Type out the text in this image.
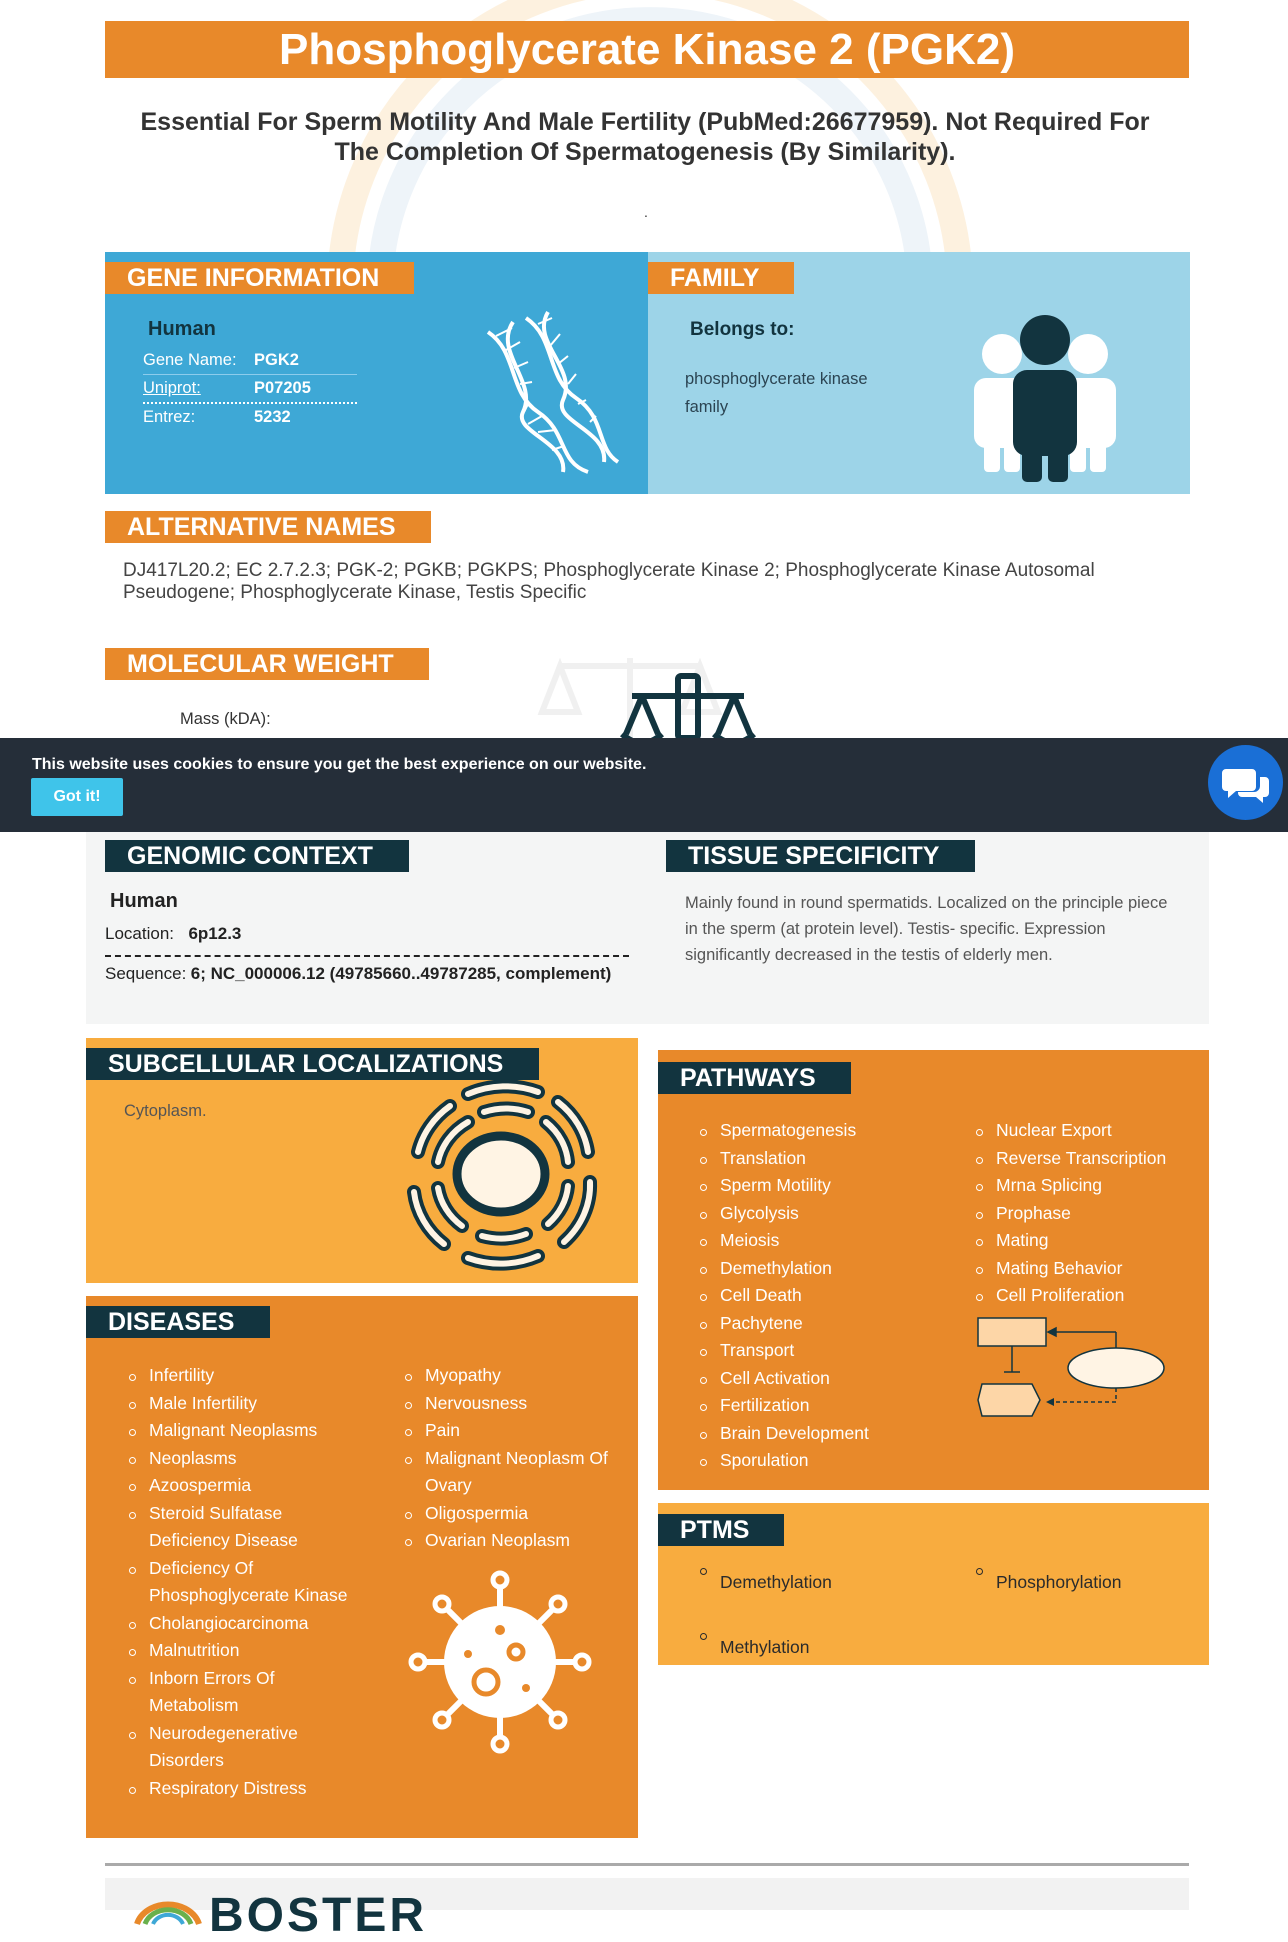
Phosphoglycerate Kinase 2 (PGK2)
Essential For Sperm Motility And Male Fertility (PubMed:26677959). Not Required For The Completion Of Spermatogenesis (By Similarity).
.
GENE INFORMATION
Human
Gene Name:	PGK2
Uniprot:	P07205
Entrez:	5232
FAMILY
Belongs to:
phosphoglycerate kinase family
ALTERNATIVE NAMES
DJ417L20.2; EC 2.7.2.3; PGK-2; PGKB; PGKPS; Phosphoglycerate Kinase 2; Phosphoglycerate Kinase Autosomal Pseudogene; Phosphoglycerate Kinase, Testis Specific
MOLECULAR WEIGHT
Mass (kDA):
This website uses cookies to ensure you get the best experience on our website.
Got it!
GENOMIC CONTEXT
Human
Location: 6p12.3
Sequence: 6; NC_000006.12 (49785660..49787285, complement)
TISSUE SPECIFICITY
Mainly found in round spermatids. Localized on the principle piece in the sperm (at protein level). Testis- specific. Expression significantly decreased in the testis of elderly men.
SUBCELLULAR LOCALIZATIONS
Cytoplasm.
DISEASES
Infertility
Male Infertility
Malignant Neoplasms
Neoplasms
Azoospermia
Steroid Sulfatase Deficiency Disease
Deficiency Of Phosphoglycerate Kinase
Cholangiocarcinoma
Malnutrition
Inborn Errors Of Metabolism
Neurodegenerative Disorders
Respiratory Distress
Myopathy
Nervousness
Pain
Malignant Neoplasm Of Ovary
Oligospermia
Ovarian Neoplasm
PATHWAYS
Spermatogenesis
Translation
Sperm Motility
Glycolysis
Meiosis
Demethylation
Cell Death
Pachytene
Transport
Cell Activation
Fertilization
Brain Development
Sporulation
Nuclear Export
Reverse Transcription
Mrna Splicing
Prophase
Mating
Mating Behavior
Cell Proliferation
PTMS
Demethylation
Methylation
Phosphorylation
BOSTER
